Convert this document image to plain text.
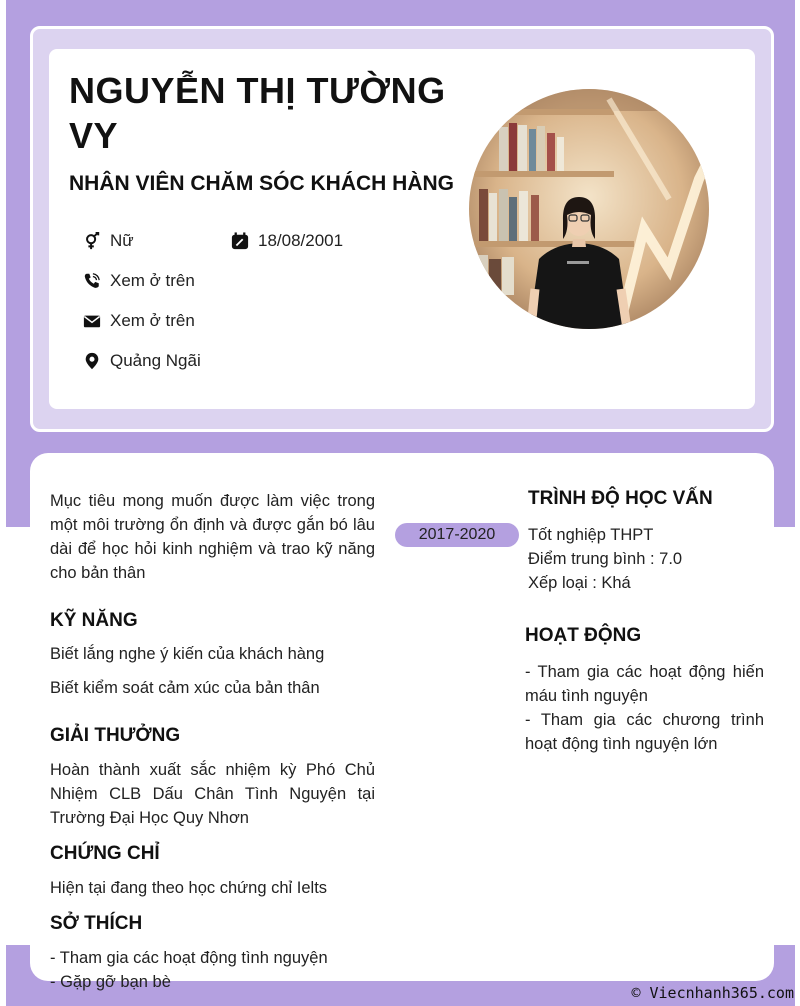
NGUYỄN THỊ TƯỜNG VY
NHÂN VIÊN CHĂM SÓC KHÁCH HÀNG
Nữ	18/08/2001
Xem ở trên
Xem ở trên
Quảng Ngãi
Mục tiêu mong muốn được làm việc trong một môi trường ổn định và được gắn bó lâu dài để học hỏi kinh nghiệm và trao kỹ năng cho bản thân
KỸ NĂNG
Biết lắng nghe ý kiến của khách hàng
Biết kiểm soát cảm xúc của bản thân
GIẢI THƯỞNG
Hoàn thành xuất sắc nhiệm kỳ Phó Chủ Nhiệm CLB Dấu Chân Tình Nguyện tại Trường Đại Học Quy Nhơn
CHỨNG CHỈ
Hiện tại đang theo học chứng chỉ Ielts
SỞ THÍCH
- Tham gia các hoạt động tình nguyện
- Gặp gỡ bạn bè
2017-2020
TRÌNH ĐỘ HỌC VẤN
Tốt nghiệp THPT
Điểm trung bình : 7.0
Xếp loại : Khá
HOẠT ĐỘNG
- Tham gia các hoạt động hiến máu tình nguyện
- Tham gia các chương trình hoạt động tình nguyện lớn
© Viecnhanh365.com
